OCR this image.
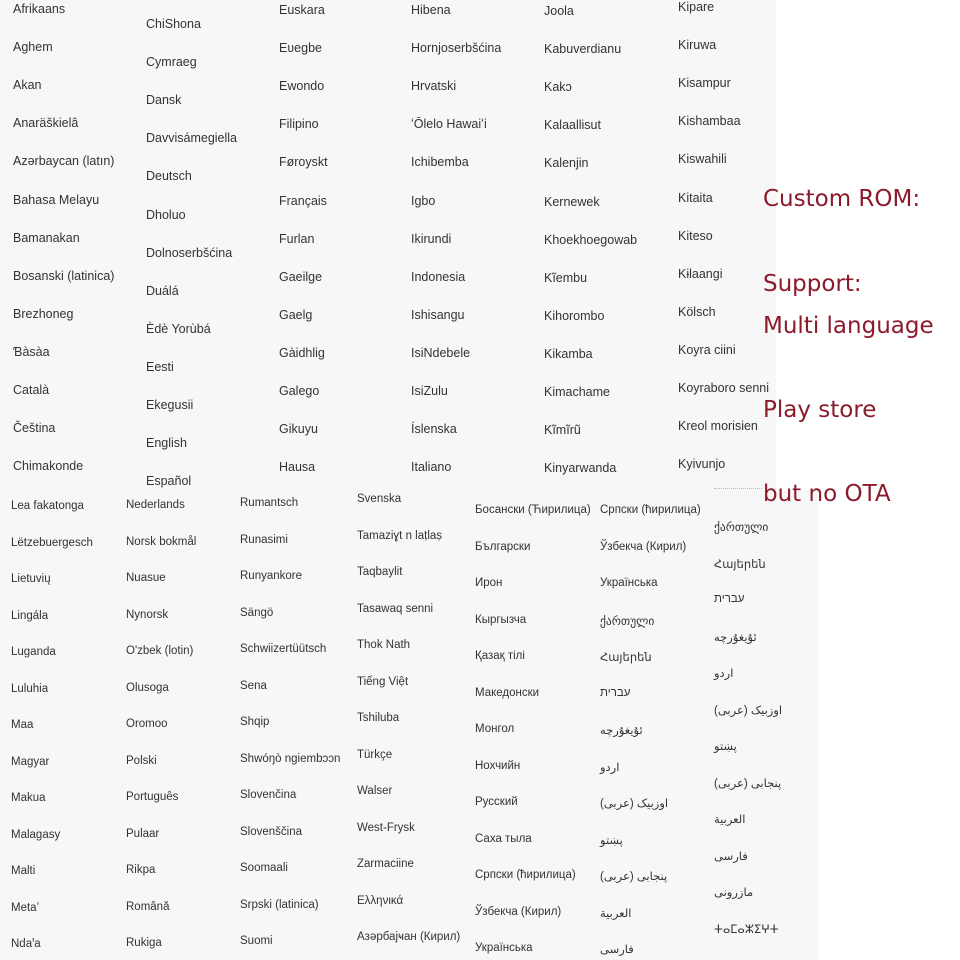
Afrikaans
Aghem
Akan
Anaräškielâ
Azərbaycan (latın)
Bahasa Melayu
Bamanakan
Bosanski (latinica)
Brezhoneg
Ɓàsàa
Català
Čeština
Chimakonde
ChiShona
Cymraeg
Dansk
Davvisámegiella
Deutsch
Dholuo
Dolnoserbšćina
Duálá
Èdè Yorùbá
Eesti
Ekegusii
English
Español
Euskara
Eʋegbe
Ewondo
Filipino
Føroyskt
Français
Furlan
Gaeilge
Gaelg
Gàidhlig
Galego
Gikuyu
Hausa
Hibena
Hornjoserbšćina
Hrvatski
ʻŌlelo Hawaiʻi
Ichibemba
Igbo
Ikirundi
Indonesia
Ishisangu
IsiNdebele
IsiZulu
Íslenska
Italiano
Joola
Kabuverdianu
Kakɔ
Kalaallisut
Kalenjin
Kernewek
Khoekhoegowab
Kĩembu
Kihorombo
Kikamba
Kimachame
Kĩmĩrũ
Kinyarwanda
Kipare
Kiruwa
Kisampur
Kishambaa
Kiswahili
Kitaita
Kiteso
Kɨlaangi
Kölsch
Koyra ciini
Koyraboro senni
Kreol morisien
Kyivunjo
Lea fakatonga
Lëtzebuergesch
Lietuvių
Lingála
Luganda
Luluhia
Maa
Magyar
Makua
Malagasy
Malti
Metaʼ
Ndaꞌa
Nederlands
Norsk bokmål
Nuasue
Nynorsk
O'zbek (lotin)
Olusoga
Oromoo
Polski
Português
Pulaar
Rikpa
Română
Rukiga
Rumantsch
Runasimi
Runyankore
Sängö
Schwiizertüütsch
Sena
Shqip
Shwóŋò ngiembɔɔn
Slovenčina
Slovenščina
Soomaali
Srpski (latinica)
Suomi
Svenska
Tamaziɣt n laṭlaṣ
Taqbaylit
Tasawaq senni
Thok Nath
Tiếng Việt
Tshiluba
Türkçe
Walser
West-Frysk
Zarmaciine
Ελληνικά
Азәрбајҹан (Кирил)
Босански (Ћирилица)
Български
Ирон
Кыргызча
Қазақ тілі
Македонски
Монгол
Нохчийн
Русский
Саха тыла
Српски (ћирилица)
Ўзбекча (Кирил)
Українська
Српски (ћирилица)
Ўзбекча (Кирил)
Українська
ქართული
Հայերեն
עברית
ئۇيغۇرچە
اردو
اوزبیک (عربی)
پښتو
پنجابی (عربی)
العربية
فارسی
ქართული
Հայերեն
עברית
ئۇيغۇرچە
اردو
اوزبیک (عربی)
پښتو
پنجابی (عربی)
العربية
فارسی
مازرونی
ⵜⴰⵎⴰⵣⵉⵖⵜ
Custom ROM:
Support:
Multi language
Play store
but no OTA
